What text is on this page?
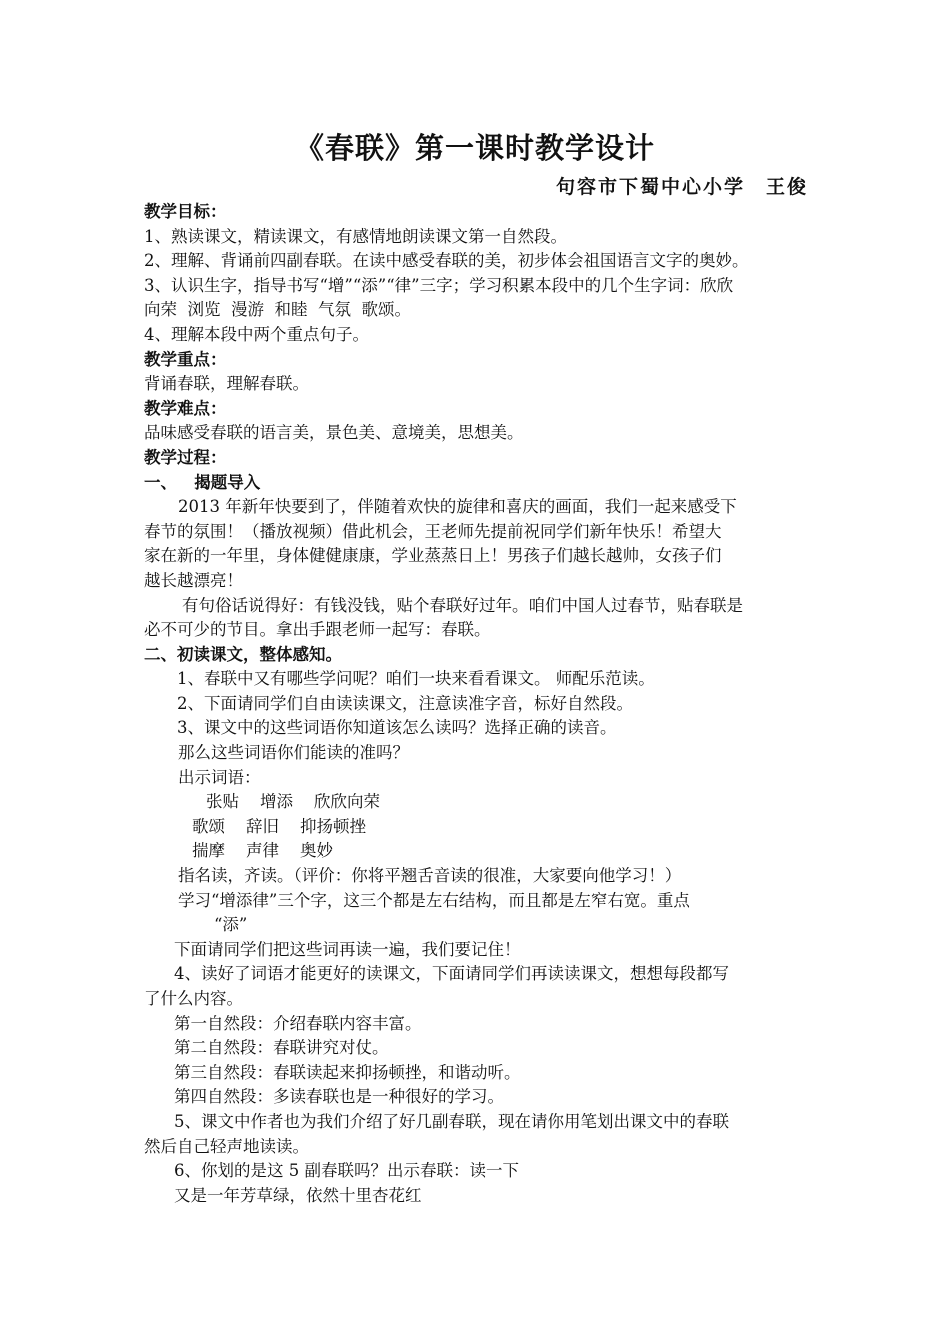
《春联》第一课时教学设计
句容市下蜀中心小学　王俊
教学目标：
1、熟读课文，精读课文，有感情地朗读课文第一自然段。
2、理解、背诵前四副春联。在读中感受春联的美，初步体会祖国语言文字的奥妙。
3、认识生字，指导书写“增”“添”“律”三字；学习积累本段中的几个生字词：欣欣
向荣  浏览  漫游  和睦  气氛  歌颂。
4、理解本段中两个重点句子。
教学重点：
背诵春联，理解春联。
教学难点：
品味感受春联的语言美，景色美、意境美，思想美。
教学过程：
一、   揭题导入
2013 年新年快要到了，伴随着欢快的旋律和喜庆的画面，我们一起来感受下
春节的氛围！（播放视频）借此机会，王老师先提前祝同学们新年快乐！希望大
家在新的一年里，身体健健康康，学业蒸蒸日上！男孩子们越长越帅，女孩子们
越长越漂亮！
有句俗话说得好：有钱没钱，贴个春联好过年。咱们中国人过春节，贴春联是
必不可少的节目。拿出手跟老师一起写：春联。
二、初读课文，整体感知。
1、春联中又有哪些学问呢？咱们一块来看看课文。 师配乐范读。
2、下面请同学们自由读读课文，注意读准字音，标好自然段。
3、课文中的这些词语你知道该怎么读吗？选择正确的读音。
那么这些词语你们能读的准吗？
出示词语：
张贴    增添    欣欣向荣
歌颂    辞旧    抑扬顿挫
揣摩    声律    奥妙
指名读，齐读。（评价：你将平翘舌音读的很准，大家要向他学习！）
学习“增添律”三个字，这三个都是左右结构，而且都是左窄右宽。重点
“添”
下面请同学们把这些词再读一遍，我们要记住！
4、读好了词语才能更好的读课文，下面请同学们再读读课文，想想每段都写
了什么内容。
第一自然段：介绍春联内容丰富。
第二自然段：春联讲究对仗。
第三自然段：春联读起来抑扬顿挫，和谐动听。
第四自然段：多读春联也是一种很好的学习。
5、课文中作者也为我们介绍了好几副春联，现在请你用笔划出课文中的春联
然后自己轻声地读读。
6、你划的是这 5 副春联吗？出示春联：读一下
又是一年芳草绿，依然十里杏花红
